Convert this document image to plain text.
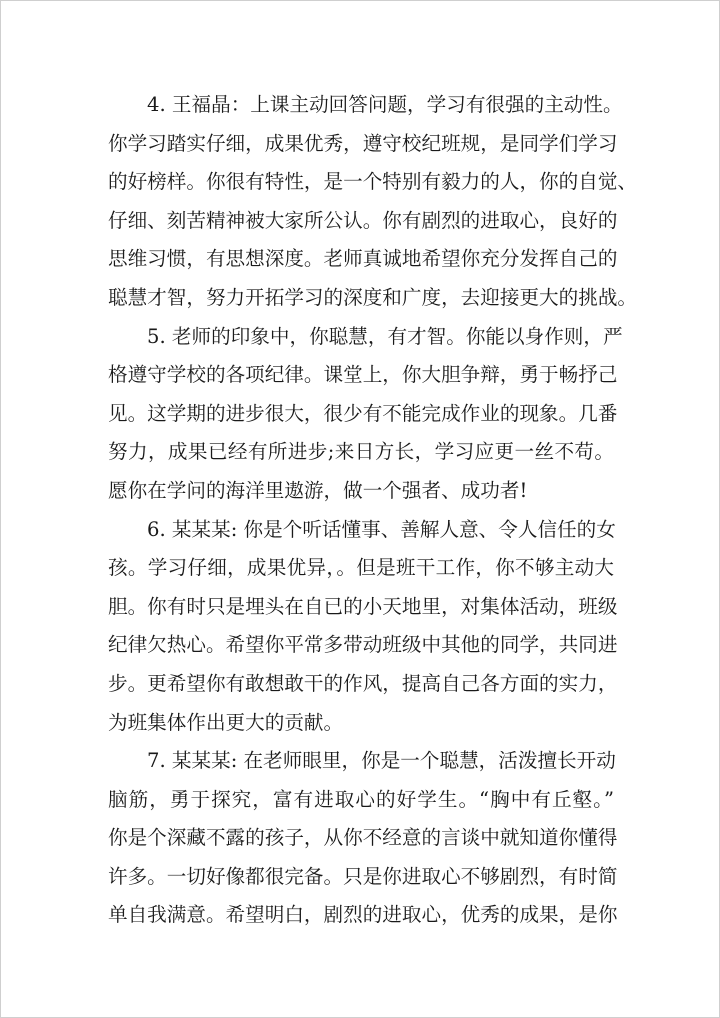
4. 王福晶：上课主动回答问题，学习有很强的主动性。
你学习踏实仔细，成果优秀，遵守校纪班规，是同学们学习
的好榜样。你很有特性，是一个特别有毅力的人，你的自觉、
仔细、刻苦精神被大家所公认。你有剧烈的进取心，良好的
思维习惯，有思想深度。老师真诚地希望你充分发挥自己的
聪慧才智，努力开拓学习的深度和广度，去迎接更大的挑战。

5. 老师的印象中，你聪慧，有才智。你能以身作则，严
格遵守学校的各项纪律。课堂上，你大胆争辩，勇于畅抒己
见。这学期的进步很大，很少有不能完成作业的现象。几番
努力，成果已经有所进步;来日方长，学习应更一丝不苟。
愿你在学问的海洋里遨游，做一个强者、成功者!

6. 某某某: 你是个听话懂事、善解人意、令人信任的女
孩。学习仔细，成果优异，。但是班干工作，你不够主动大
胆。你有时只是埋头在自已的小天地里，对集体活动，班级
纪律欠热心。希望你平常多带动班级中其他的同学，共同进
步。更希望你有敢想敢干的作风，提高自己各方面的实力，
为班集体作出更大的贡献。

7. 某某某: 在老师眼里，你是一个聪慧，活泼擅长开动
脑筋，勇于探究，富有进取心的好学生。“胸中有丘壑。”
你是个深藏不露的孩子，从你不经意的言谈中就知道你懂得
许多。一切好像都很完备。只是你进取心不够剧烈，有时简
单自我满意。希望明白，剧烈的进取心，优秀的成果，是你
